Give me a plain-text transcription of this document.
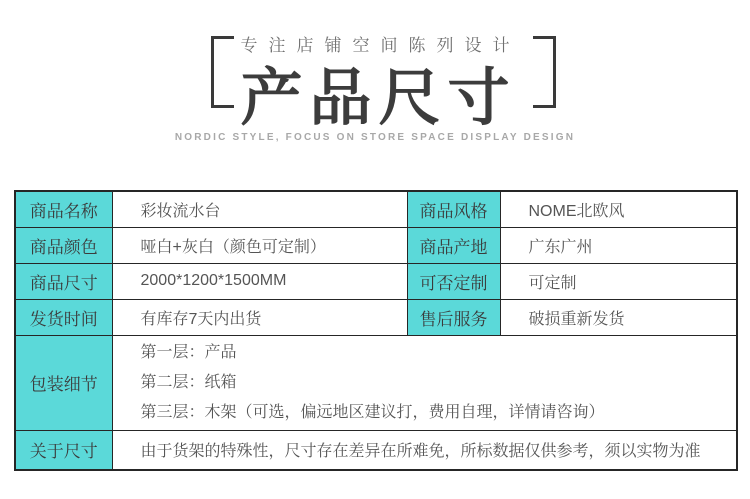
专注店铺空间陈列设计
产品尺寸
NORDIC STYLE, FOCUS ON STORE SPACE DISPLAY DESIGN
商品名称	彩妆流水台	商品风格	NOME北欧风
商品颜色	哑白+灰白（颜色可定制）	商品产地	广东广州
商品尺寸	2000*1200*1500MM	可否定制	可定制
发货时间	有库存7天内出货	售后服务	破损重新发货
包装细节	第一层：产品
第二层：纸箱
第三层：木架（可选，偏远地区建议打，费用自理，详情请咨询）		

关于尺寸	由于货架的特殊性，尺寸存在差异在所难免，所标数据仅供参考，须以实物为准		
